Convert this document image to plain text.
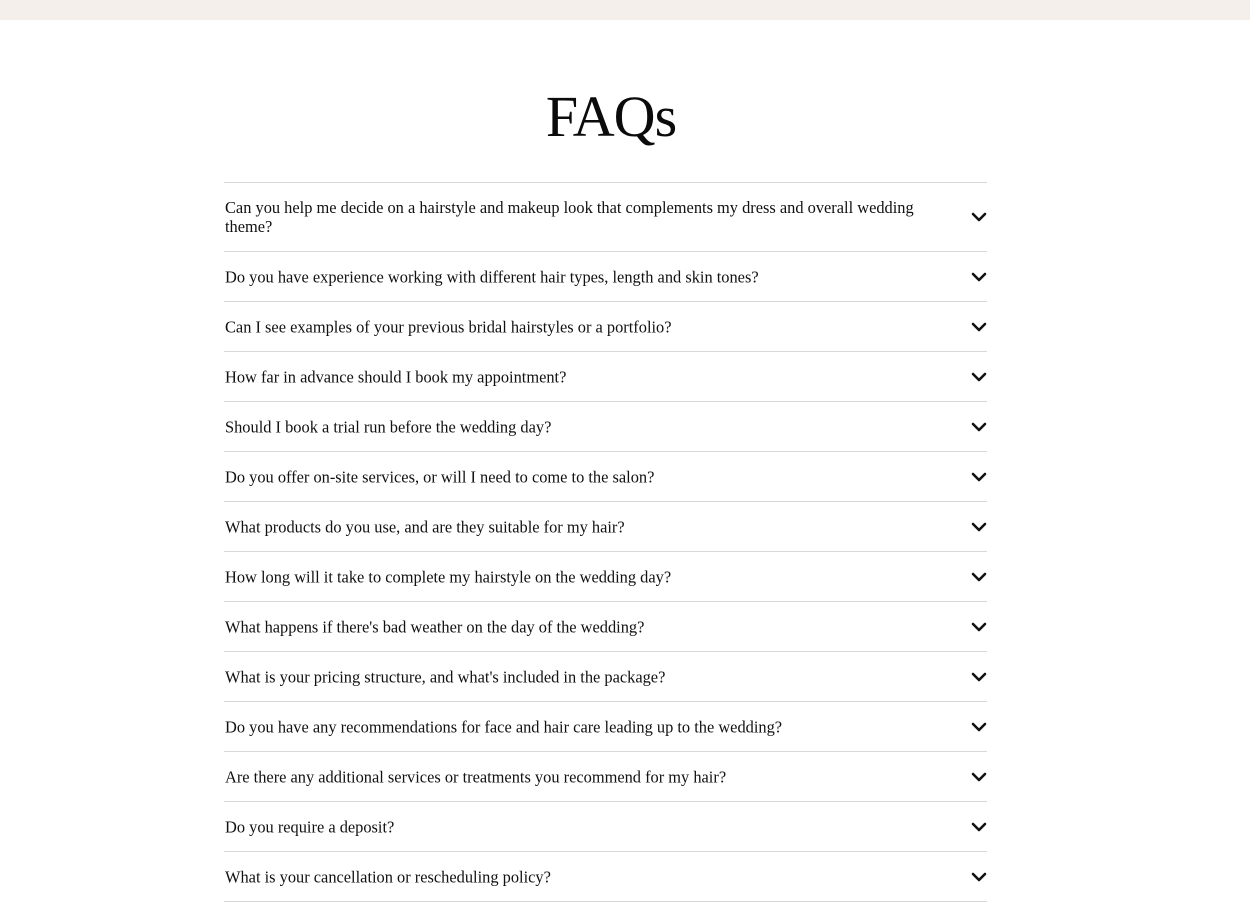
FAQs
Can you help me decide on a hairstyle and makeup look that complements my dress and overall wedding theme?
Do you have experience working with different hair types, length and skin tones?
Can I see examples of your previous bridal hairstyles or a portfolio?
How far in advance should I book my appointment?
Should I book a trial run before the wedding day?
Do you offer on-site services, or will I need to come to the salon?
What products do you use, and are they suitable for my hair?
How long will it take to complete my hairstyle on the wedding day?
What happens if there's bad weather on the day of the wedding?
What is your pricing structure, and what's included in the package?
Do you have any recommendations for face and hair care leading up to the wedding?
Are there any additional services or treatments you recommend for my hair?
Do you require a deposit?
What is your cancellation or rescheduling policy?
